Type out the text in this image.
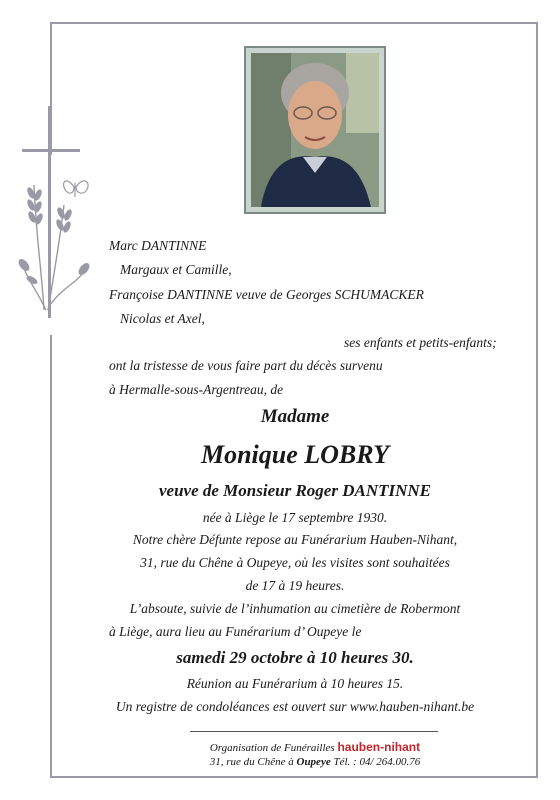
Marc DANTINNE
Margaux et Camille,
Françoise DANTINNE veuve de Georges SCHUMACKER
Nicolas et Axel,
ses enfants et petits-enfants;
ont la tristesse de vous faire part du décès survenu
à Hermalle-sous-Argentreau, de
Madame
Monique LOBRY
veuve de Monsieur Roger DANTINNE
née à Liège le 17 septembre 1930.
Notre chère Défunte repose au Funérarium Hauben-Nihant,
31, rue du Chêne à Oupeye, où les visites sont souhaitées
de 17 à 19 heures.
L’absoute, suivie de l’inhumation au cimetière de Robermont
à Liège, aura lieu au Funérarium d’ Oupeye le
samedi 29 octobre à 10 heures 30.
Réunion au Funérarium à 10 heures 15.
Un registre de condoléances est ouvert sur www.hauben-nihant.be
Organisation de Funérailles hauben-nihant
31, rue du Chêne à Oupeye Tél. : 04/ 264.00.76
